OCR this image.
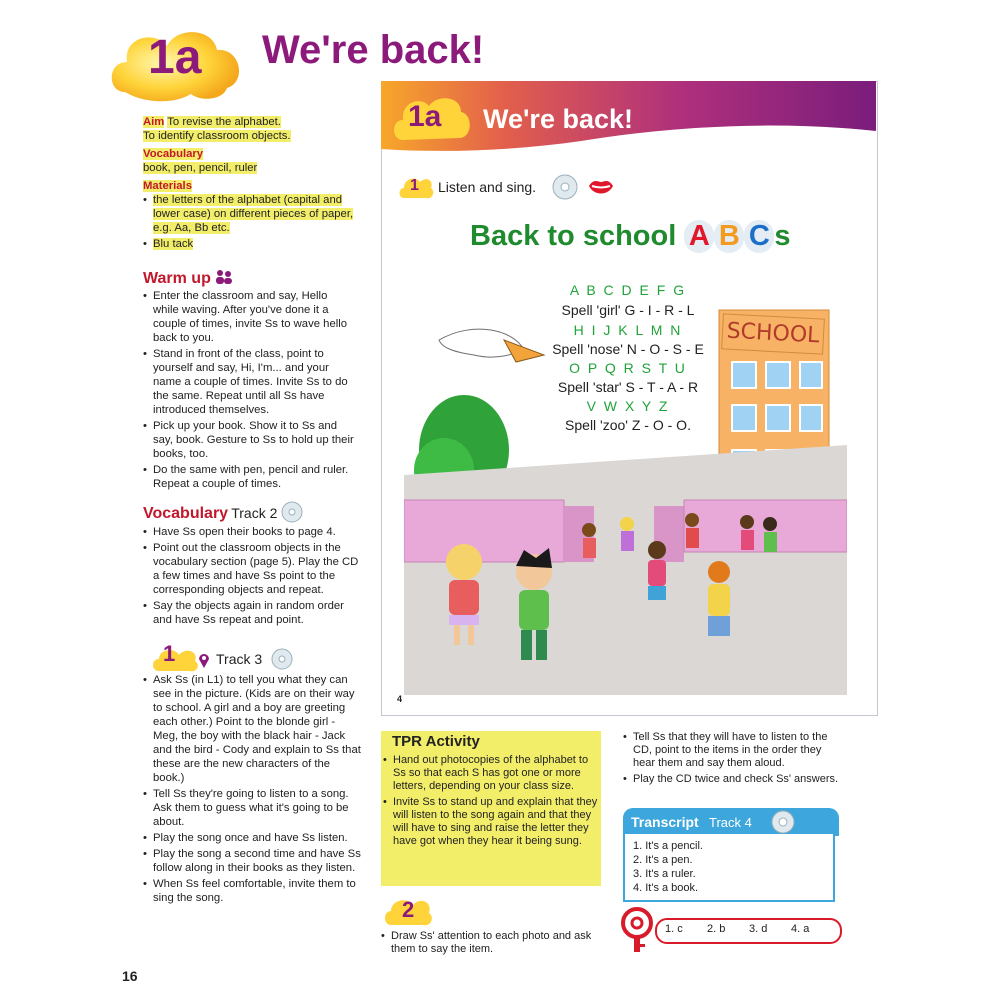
1a We're back!
Aim To revise the alphabet.
To identify classroom objects.
Vocabulary
book, pen, pencil, ruler
Materials
• the letters of the alphabet (capital and lower case) on different pieces of paper, e.g. Aa, Bb etc.
• Blu tack
Warm up
• Enter the classroom and say, Hello while waving. After you've done it a couple of times, invite Ss to wave hello back to you.
• Stand in front of the class, point to yourself and say, Hi, I'm... and your name a couple of times. Invite Ss to do the same. Repeat until all Ss have introduced themselves.
• Pick up your book. Show it to Ss and say, book. Gesture to Ss to hold up their books, too.
• Do the same with pen, pencil and ruler. Repeat a couple of times.
Vocabulary Track 2
• Have Ss open their books to page 4.
• Point out the classroom objects in the vocabulary section (page 5). Play the CD a few times and have Ss point to the corresponding objects and repeat.
• Say the objects again in random order and have Ss repeat and point.
1	Track 3
• Ask Ss (in L1) to tell you what they can see in the picture. (Kids are on their way to school. A girl and a boy are greeting each other.) Point to the blonde girl - Meg, the boy with the black hair - Jack and the bird - Cody and explain to Ss that these are the new characters of the book.)
• Tell Ss they're going to listen to a song. Ask them to guess what it's going to be about.
• Play the song once and have Ss listen.
• Play the song a second time and have Ss follow along in their books as they listen.
• When Ss feel comfortable, invite them to sing the song.
16
1a We're back!
1 Listen and sing.
Back to school A B C s
SCHOOL
A B C D E F G
Spell 'girl' G - I - R - L
H I J K L M N
Spell 'nose' N - O - S - E
O P Q R S T U
Spell 'star' S - T - A - R
V W X Y Z
Spell 'zoo' Z - O - O.
4
TPR Activity
• Hand out photocopies of the alphabet to Ss so that each S has got one or more letters, depending on your class size.
• Invite Ss to stand up and explain that they will listen to the song again and that they will have to sing and raise the letter they have got when they hear it being sung.
2
• Draw Ss' attention to each photo and ask them to say the item.
• Tell Ss that they will have to listen to the CD, point to the items in the order they hear them and say them aloud.
• Play the CD twice and check Ss' answers.
Transcript Track 4
1. It's a pencil.
2. It's a pen.
3. It's a ruler.
4. It's a book.
1. c 2. b 3. d 4. a
